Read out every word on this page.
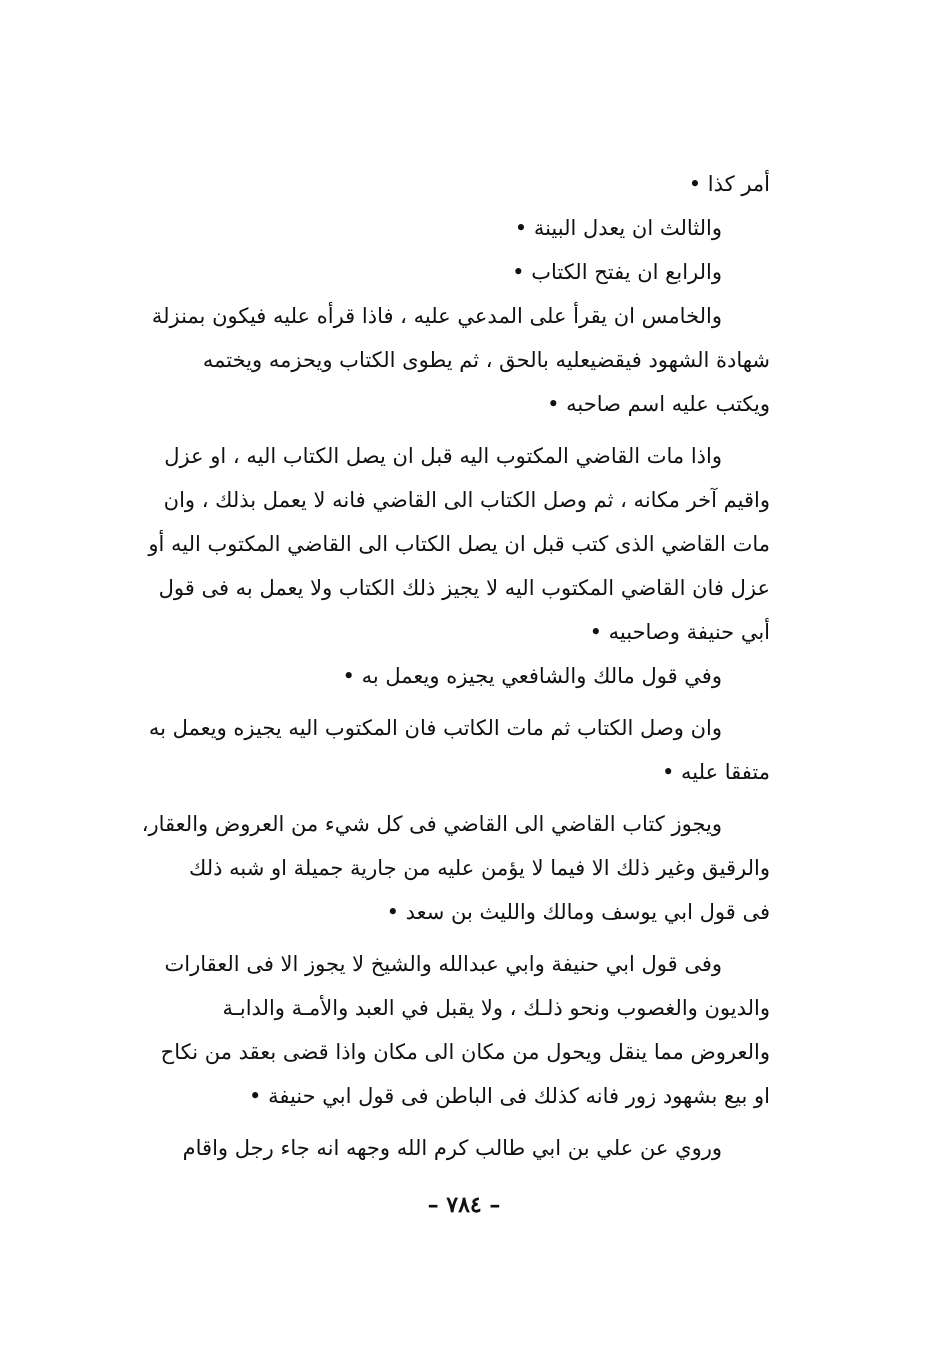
أمر كذا •
والثالث ان يعدل البينة •
والرابع ان يفتح الكتاب •
والخامس ان يقرأ على المدعي عليه ، فاذا قرأه عليه فيكون بمنزلة
شهادة الشهود فيقضيعليه بالحق ، ثم يطوى الكتاب ويحزمه ويختمه
ويكتب عليه اسم صاحبه •
واذا مات القاضي المكتوب اليه قبل ان يصل الكتاب اليه ، او عزل
واقيم آخر مكانه ، ثم وصل الكتاب الى القاضي فانه لا يعمل بذلك ، وان
مات القاضي الذى كتب قبل ان يصل الكتاب الى القاضي المكتوب اليه أو
عزل فان القاضي المكتوب اليه لا يجيز ذلك الكتاب ولا يعمل به فى قول
أبي حنيفة وصاحبيه •
وفي قول مالك والشافعي يجيزه ويعمل به •
وان وصل الكتاب ثم مات الكاتب فان المكتوب اليه يجيزه ويعمل به
متفقا عليه •
ويجوز كتاب القاضي الى القاضي فى كل شيء من العروض والعقار،
والرقيق وغير ذلك الا فيما لا يؤمن عليه من جارية جميلة او شبه ذلك
فى قول ابي يوسف ومالك والليث بن سعد •
وفى قول ابي حنيفة وابي عبدالله والشيخ لا يجوز الا فى العقارات
والديون والغصوب ونحو ذلـك ، ولا يقبل في العبد والأمـة والدابـة
والعروض مما ينقل ويحول من مكان الى مكان واذا قضى بعقد من نكاح
او بيع بشهود زور فانه كذلك فى الباطن فى قول ابي حنيفة •
وروي عن علي بن ابي طالب كرم الله وجهه انه جاء رجل واقام
– ٧٨٤ –
